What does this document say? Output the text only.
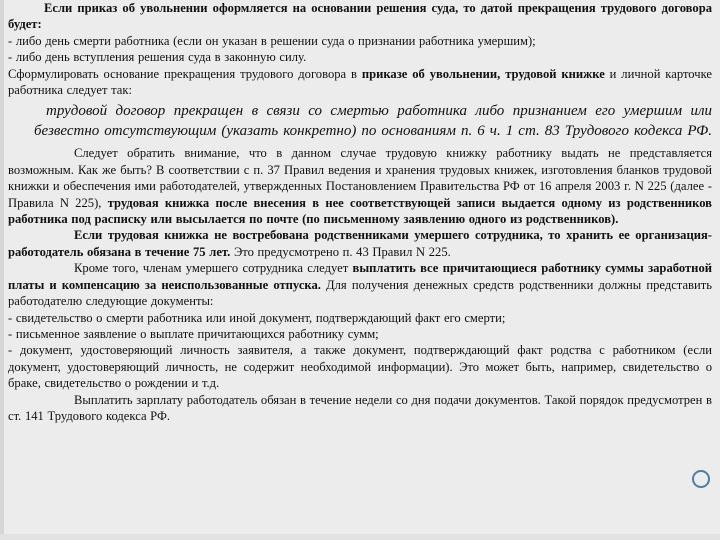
Если приказ об увольнении оформляется на основании решения суда, то датой прекращения трудового договора будет:

- либо день смерти работника (если он указан в решении суда о признании работника умершим);

- либо день вступления решения суда в законную силу.

Сформулировать основание прекращения трудового договора в приказе об увольнении, трудовой книжке и личной карточке работника следует так:

трудовой договор прекращен в связи со смертью работника либо признанием его умершим или безвестно отсутствующим (указать конкретно) по основаниям п. 6 ч. 1 ст. 83 Трудового кодекса РФ.

Следует обратить внимание, что в данном случае трудовую книжку работнику выдать не представляется возможным. Как же быть? В соответствии с п. 37 Правил ведения и хранения трудовых книжек, изготовления бланков трудовой книжки и обеспечения ими работодателей, утвержденных Постановлением Правительства РФ от 16 апреля 2003 г. N 225 (далее - Правила N 225), трудовая книжка после внесения в нее соответствующей записи выдается одному из родственников работника под расписку или высылается по почте (по письменному заявлению одного из родственников).

Если трудовая книжка не востребована родственниками умершего сотрудника, то хранить ее организация-работодатель обязана в течение 75 лет. Это предусмотрено п. 43 Правил N 225.

Кроме того, членам умершего сотрудника следует выплатить все причитающиеся работнику суммы заработной платы и компенсацию за неиспользованные отпуска. Для получения денежных средств родственники должны представить работодателю следующие документы:

- свидетельство о смерти работника или иной документ, подтверждающий факт его смерти;

- письменное заявление о выплате причитающихся работнику сумм;

- документ, удостоверяющий личность заявителя, а также документ, подтверждающий факт родства с работником (если документ, удостоверяющий личность, не содержит необходимой информации). Это может быть, например, свидетельство о браке, свидетельство о рождении и т.д.

Выплатить зарплату работодатель обязан в течение недели со дня подачи документов. Такой порядок предусмотрен в ст. 141 Трудового кодекса РФ.
